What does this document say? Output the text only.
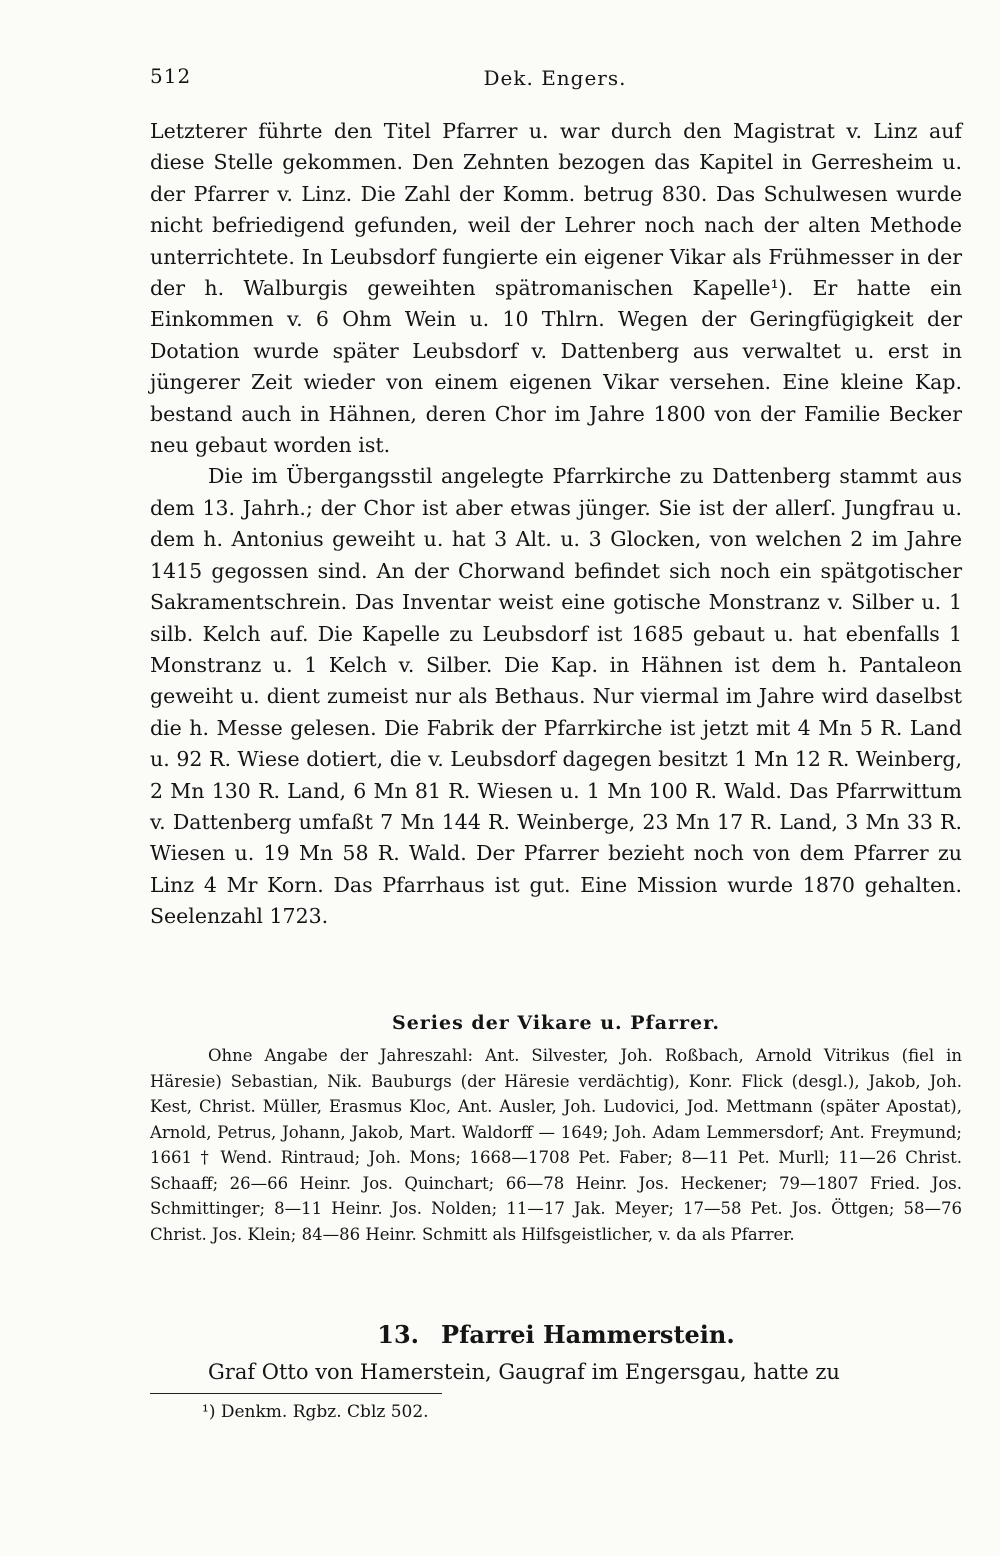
512	Dek. Engers.

Letzterer führte den Titel Pfarrer u. war durch den Magistrat v. Linz auf diese Stelle gekommen. Den Zehnten bezogen das Kapitel in Gerresheim u. der Pfarrer v. Linz. Die Zahl der Komm. betrug 830. Das Schulwesen wurde nicht befriedigend gefunden, weil der Lehrer noch nach der alten Methode unterrichtete. In Leubsdorf fungierte ein eigener Vikar als Frühmesser in der der h. Walburgis geweihten spätromanischen Kapelle¹). Er hatte ein Einkommen v. 6 Ohm Wein u. 10 Thlrn. Wegen der Geringfügigkeit der Dotation wurde später Leubsdorf v. Dattenberg aus verwaltet u. erst in jüngerer Zeit wieder von einem eigenen Vikar versehen. Eine kleine Kap. bestand auch in Hähnen, deren Chor im Jahre 1800 von der Familie Becker neu gebaut worden ist.

Die im Übergangsstil angelegte Pfarrkirche zu Dattenberg stammt aus dem 13. Jahrh.; der Chor ist aber etwas jünger. Sie ist der allerſ. Jungfrau u. dem h. Antonius geweiht u. hat 3 Alt. u. 3 Glocken, von welchen 2 im Jahre 1415 gegossen sind. An der Chorwand befindet sich noch ein spätgotischer Sakramentschrein. Das Inventar weist eine gotische Monstranz v. Silber u. 1 silb. Kelch auf. Die Kapelle zu Leubsdorf ist 1685 gebaut u. hat ebenfalls 1 Monstranz u. 1 Kelch v. Silber. Die Kap. in Hähnen ist dem h. Pantaleon geweiht u. dient zumeist nur als Bethaus. Nur viermal im Jahre wird daselbst die h. Messe gelesen. Die Fabrik der Pfarrkirche ist jetzt mit 4 Mn 5 R. Land u. 92 R. Wiese dotiert, die v. Leubsdorf dagegen besitzt 1 Mn 12 R. Weinberg, 2 Mn 130 R. Land, 6 Mn 81 R. Wiesen u. 1 Mn 100 R. Wald. Das Pfarrwittum v. Dattenberg umfaßt 7 Mn 144 R. Weinberge, 23 Mn 17 R. Land, 3 Mn 33 R. Wiesen u. 19 Mn 58 R. Wald. Der Pfarrer bezieht noch von dem Pfarrer zu Linz 4 Mr Korn. Das Pfarrhaus ist gut. Eine Mission wurde 1870 gehalten. Seelenzahl 1723.

Series der Vikare u. Pfarrer.
Ohne Angabe der Jahreszahl: Ant. Silvester, Joh. Roßbach, Arnold Vitrikus (fiel in Häresie) Sebastian, Nik. Bauburgs (der Häresie verdächtig), Konr. Flick (desgl.), Jakob, Joh. Kest, Christ. Müller, Erasmus Kloc, Ant. Ausler, Joh. Ludovici, Jod. Mettmann (später Apostat), Arnold, Petrus, Johann, Jakob, Mart. Waldorff — 1649; Joh. Adam Lemmersdorf; Ant. Freymund; 1661 † Wend. Rintraud; Joh. Mons; 1668—1708 Pet. Faber; 8—11 Pet. Murll; 11—26 Christ. Schaaff; 26—66 Heinr. Jos. Quinchart; 66—78 Heinr. Jos. Heckener; 79—1807 Fried. Jos. Schmittinger; 8—11 Heinr. Jos. Nolden; 11—17 Jak. Meyer; 17—58 Pet. Jos. Öttgen; 58—76 Christ. Jos. Klein; 84—86 Heinr. Schmitt als Hilfsgeistlicher, v. da als Pfarrer.
13. Pfarrei Hammerstein.
Graf Otto von Hamerstein, Gaugraf im Engersgau, hatte zu
¹) Denkm. Rgbz. Cblz 502.
